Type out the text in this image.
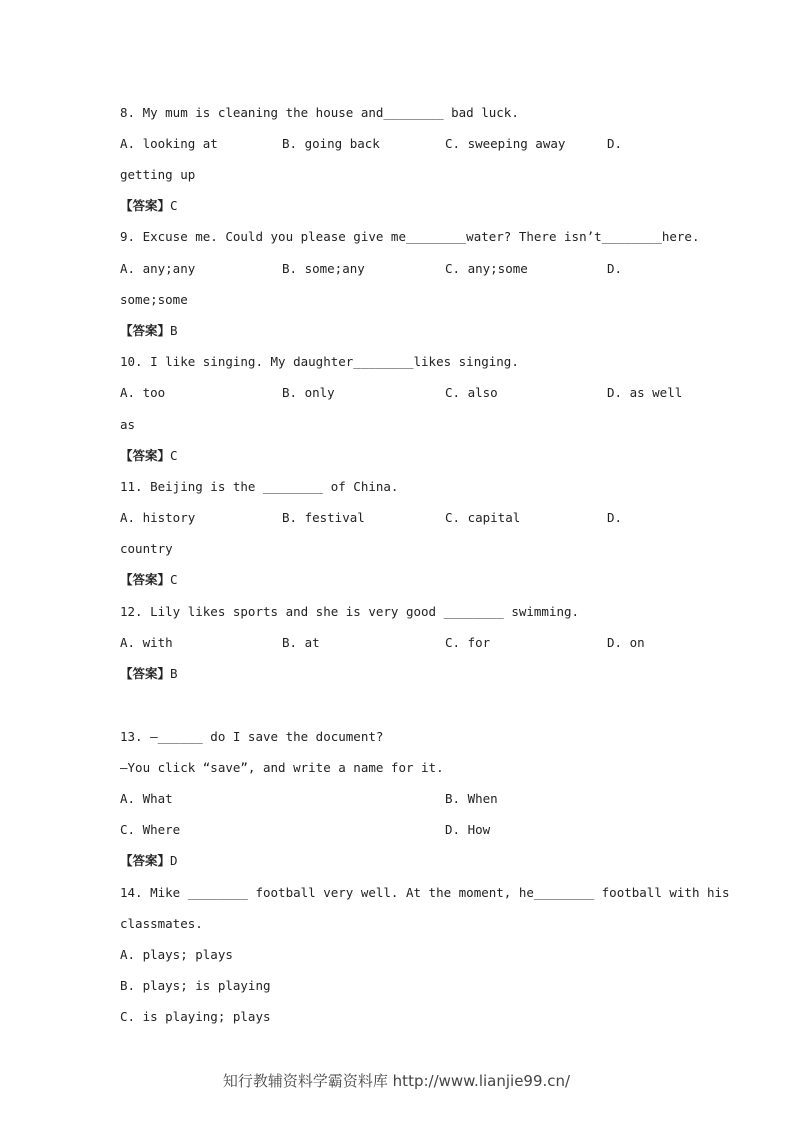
8. My mum is cleaning the house and________ bad luck.
A. looking at	B. going back	C. sweeping away	D.
getting up
【答案】C
9. Excuse me. Could you please give me________water? There isn’t________here.
A. any;any	B. some;any	C. any;some	D.
some;some
【答案】B
10. I like singing. My daughter________likes singing.
A. too	B. only	C. also	D. as well
as
【答案】C
11. Beijing is the ________ of China.
A. history	B. festival	C. capital	D.
country
【答案】C
12. Lily likes sports and she is very good ________ swimming.
A. with	B. at	C. for	D. on
【答案】B
13. —______ do I save the document?
—You click “save”, and write a name for it.
A. What	B. When
C. Where	D. How
【答案】D
14. Mike ________ football very well. At the moment, he________ football with his
classmates.
A. plays; plays
B. plays; is playing
C. is playing; plays
知行教辅资料学霸资料库 http://www.lianjie99.cn/
